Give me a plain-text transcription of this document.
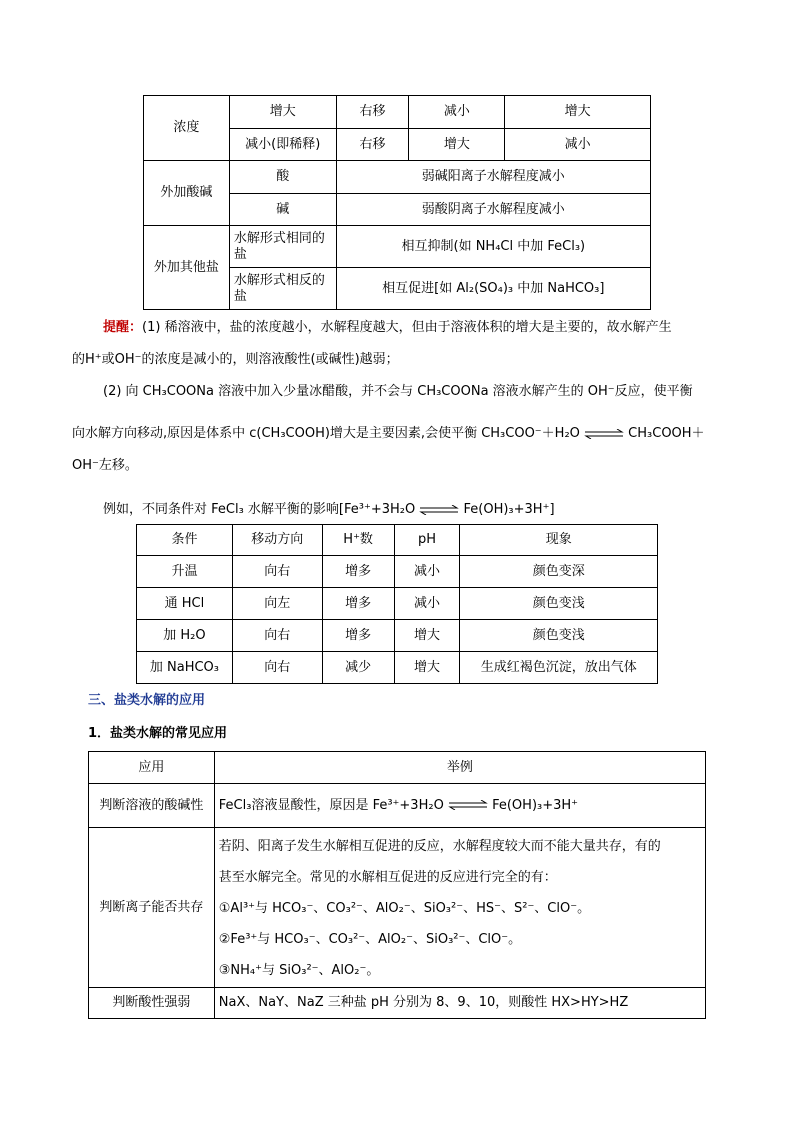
浓度	增大	右移	减小	增大
	减小(即稀释)	右移	增大	减小
外加酸碱	酸	弱碱阳离子水解程度减小		
	碱	弱酸阴离子水解程度减小		
外加其他盐	水解形式相同的盐	相互抑制(如 NH₄Cl 中加 FeCl₃)		
	水解形式相反的盐	相互促进[如 Al₂(SO₄)₃ 中加 NaHCO₃]		
提醒：(1) 稀溶液中，盐的浓度越小，水解程度越大，但由于溶液体积的增大是主要的，故水解产生
的H⁺或OH⁻的浓度是减小的，则溶液酸性(或碱性)越弱；
(2) 向 CH₃COONa 溶液中加入少量冰醋酸，并不会与 CH₃COONa 溶液水解产生的 OH⁻反应，使平衡
向水解方向移动,原因是体系中 c(CH₃COOH)增大是主要因素,会使平衡 CH₃COO⁻＋H₂O ⇌ CH₃COOH＋
OH⁻左移。
例如，不同条件对 FeCl₃ 水解平衡的影响[Fe³⁺+3H₂O ⇌ Fe(OH)₃+3H⁺]
条件	移动方向	H⁺数	pH	现象
升温	向右	增多	减小	颜色变深
通 HCl	向左	增多	减小	颜色变浅
加 H₂O	向右	增多	增大	颜色变浅
加 NaHCO₃	向右	减少	增大	生成红褐色沉淀，放出气体
三、盐类水解的应用
1．盐类水解的常见应用
应用	举例
判断溶液的酸碱性	FeCl₃溶液显酸性，原因是 Fe³⁺+3H₂O ⇌ Fe(OH)₃+3H⁺
判断离子能否共存	若阴、阳离子发生水解相互促进的反应，水解程度较大而不能大量共存，有的
甚至水解完全。常见的水解相互促进的反应进行完全的有：
①Al³⁺与 HCO₃⁻、CO₃²⁻、AlO₂⁻、SiO₃²⁻、HS⁻、S²⁻、ClO⁻。
②Fe³⁺与 HCO₃⁻、CO₃²⁻、AlO₂⁻、SiO₃²⁻、ClO⁻。
③NH₄⁺与 SiO₃²⁻、AlO₂⁻。

判断酸性强弱	NaX、NaY、NaZ 三种盐 pH 分别为 8、9、10，则酸性 HX>HY>HZ
